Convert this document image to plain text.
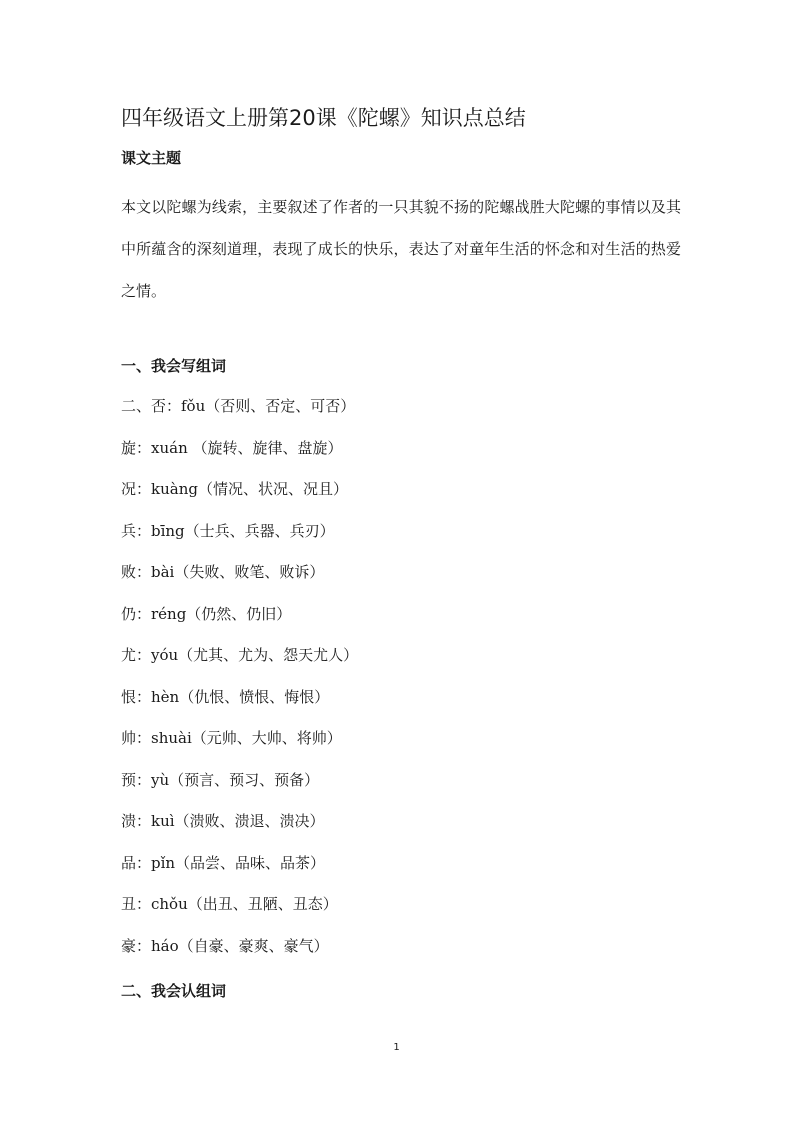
四年级语文上册第20课《陀螺》知识点总结
课文主题

本文以陀螺为线索，主要叙述了作者的一只其貌不扬的陀螺战胜大陀螺的事情以及其中所蕴含的深刻道理，表现了成长的快乐，表达了对童年生活的怀念和对生活的热爱之情。

一、我会写组词
二、否：fǒu（否则、否定、可否）
旋：xuán （旋转、旋律、盘旋）
况：kuàng（情况、状况、况且）
兵：bīng（士兵、兵器、兵刃）
败：bài（失败、败笔、败诉）
仍：réng（仍然、仍旧）
尤：yóu（尤其、尤为、怨天尤人）
恨：hèn（仇恨、愤恨、悔恨）
帅：shuài（元帅、大帅、将帅）
预：yù（预言、预习、预备）
溃：kuì（溃败、溃退、溃决）
品：pǐn（品尝、品味、品茶）
丑：chǒu（出丑、丑陋、丑态）
豪：háo（自豪、豪爽、豪气）
二、我会认组词
1
